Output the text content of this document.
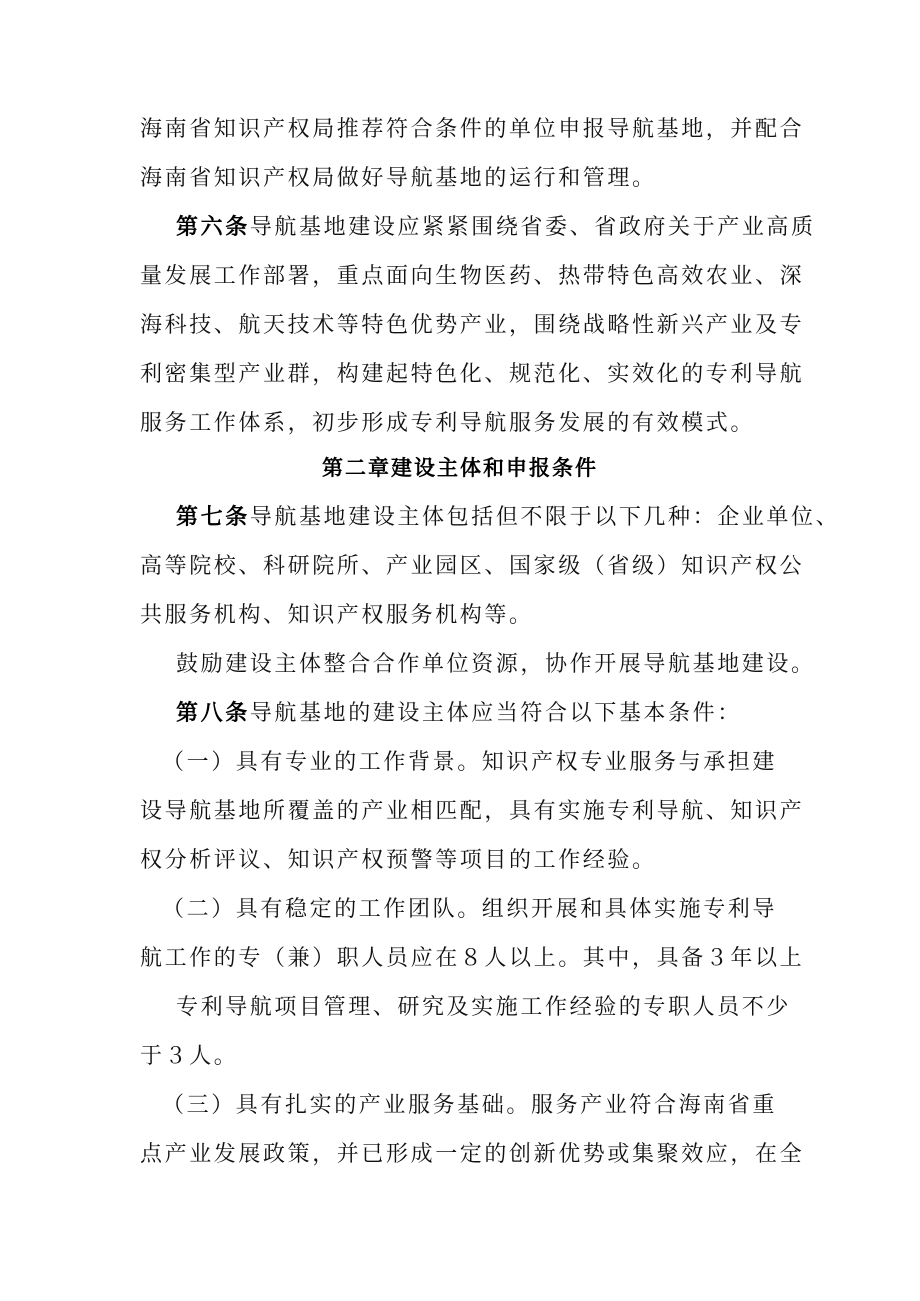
海南省知识产权局推荐符合条件的单位申报导航基地，并配合
海南省知识产权局做好导航基地的运行和管理。
第六条导航基地建设应紧紧围绕省委、省政府关于产业高质
量发展工作部署，重点面向生物医药、热带特色高效农业、深
海科技、航天技术等特色优势产业，围绕战略性新兴产业及专
利密集型产业群，构建起特色化、规范化、实效化的专利导航
服务工作体系，初步形成专利导航服务发展的有效模式。
第二章建设主体和申报条件
第七条导航基地建设主体包括但不限于以下几种：企业单位、
高等院校、科研院所、产业园区、国家级（省级）知识产权公
共服务机构、知识产权服务机构等。
鼓励建设主体整合合作单位资源，协作开展导航基地建设。
第八条导航基地的建设主体应当符合以下基本条件：
（一）具有专业的工作背景。知识产权专业服务与承担建
设导航基地所覆盖的产业相匹配，具有实施专利导航、知识产
权分析评议、知识产权预警等项目的工作经验。
（二）具有稳定的工作团队。组织开展和具体实施专利导
航工作的专（兼）职人员应在８人以上。其中，具备３年以上
专利导航项目管理、研究及实施工作经验的专职人员不少
于３人。
（三）具有扎实的产业服务基础。服务产业符合海南省重
点产业发展政策，并已形成一定的创新优势或集聚效应，在全
